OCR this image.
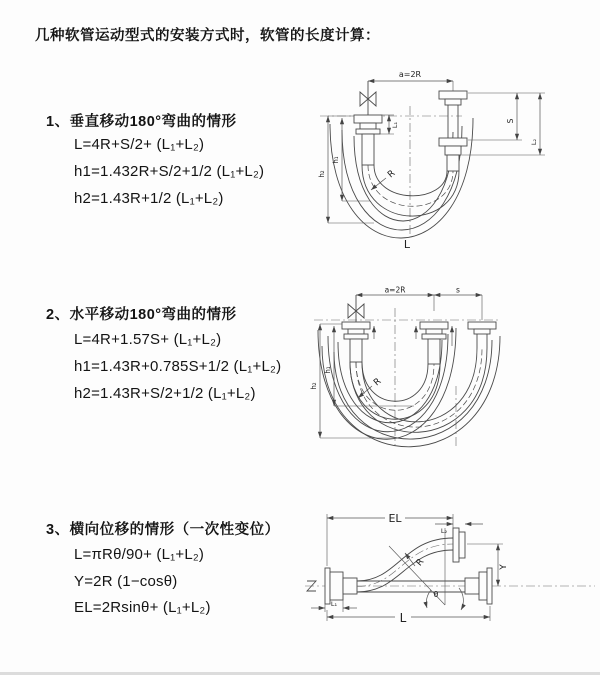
几种软管运动型式的安装方式时，软管的长度计算：
1、垂直移动180°弯曲的情形
L=4R+S/2+ (L₁+L₂)
h1=1.432R+S/2+1/2 (L₁+L₂)
h2=1.43R+1/2 (L₁+L₂)
2、水平移动180°弯曲的情形
L=4R+1.57S+ (L₁+L₂)
h1=1.43R+0.785S+1/2 (L₁+L₂)
h2=1.43R+S/2+1/2 (L₁+L₂)
3、横向位移的情形（一次性变位）
L=πRθ/90+ (L₁+L₂)
Y=2R (1−cosθ)
EL=2Rsinθ+ (L₁+L₂)
a=2R
S
L₂
L₁
h₂
h₁
R
L
a=2R	s
h₂
h₁
R
EL
L₂
Y
θ
R
L₁
L
